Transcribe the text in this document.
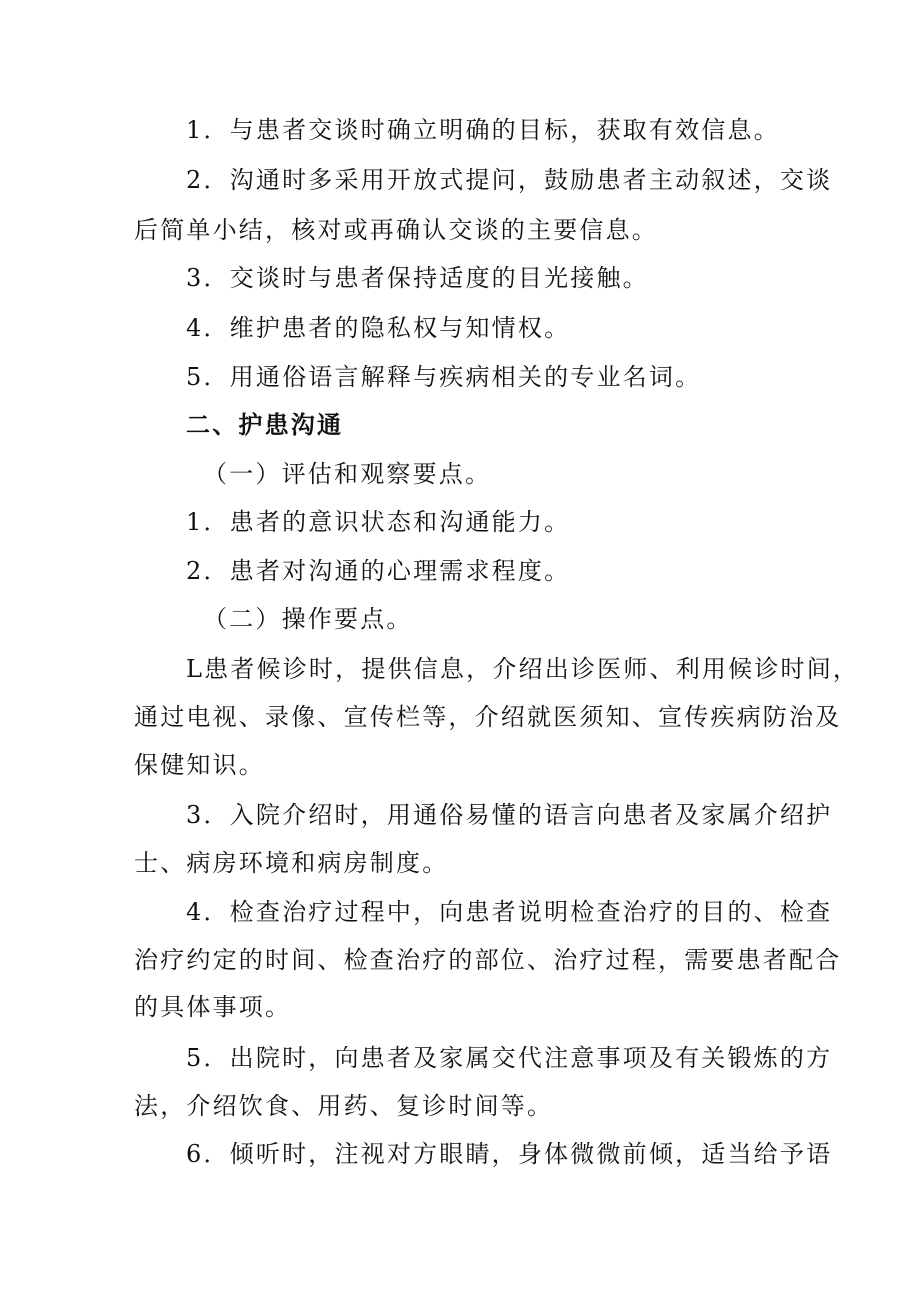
1．与患者交谈时确立明确的目标，获取有效信息。
2．沟通时多采用开放式提问，鼓励患者主动叙述，交谈
后简单小结，核对或再确认交谈的主要信息。
3．交谈时与患者保持适度的目光接触。
4．维护患者的隐私权与知情权。
5．用通俗语言解释与疾病相关的专业名词。
二、护患沟通
（一）评估和观察要点。
1．患者的意识状态和沟通能力。
2．患者对沟通的心理需求程度。
（二）操作要点。
L患者候诊时，提供信息，介绍出诊医师、利用候诊时间，
通过电视、录像、宣传栏等，介绍就医须知、宣传疾病防治及
保健知识。
3．入院介绍时，用通俗易懂的语言向患者及家属介绍护
士、病房环境和病房制度。
4．检查治疗过程中，向患者说明检查治疗的目的、检查
治疗约定的时间、检查治疗的部位、治疗过程，需要患者配合
的具体事项。
5．出院时，向患者及家属交代注意事项及有关锻炼的方
法，介绍饮食、用药、复诊时间等。
6．倾听时，注视对方眼睛，身体微微前倾，适当给予语
